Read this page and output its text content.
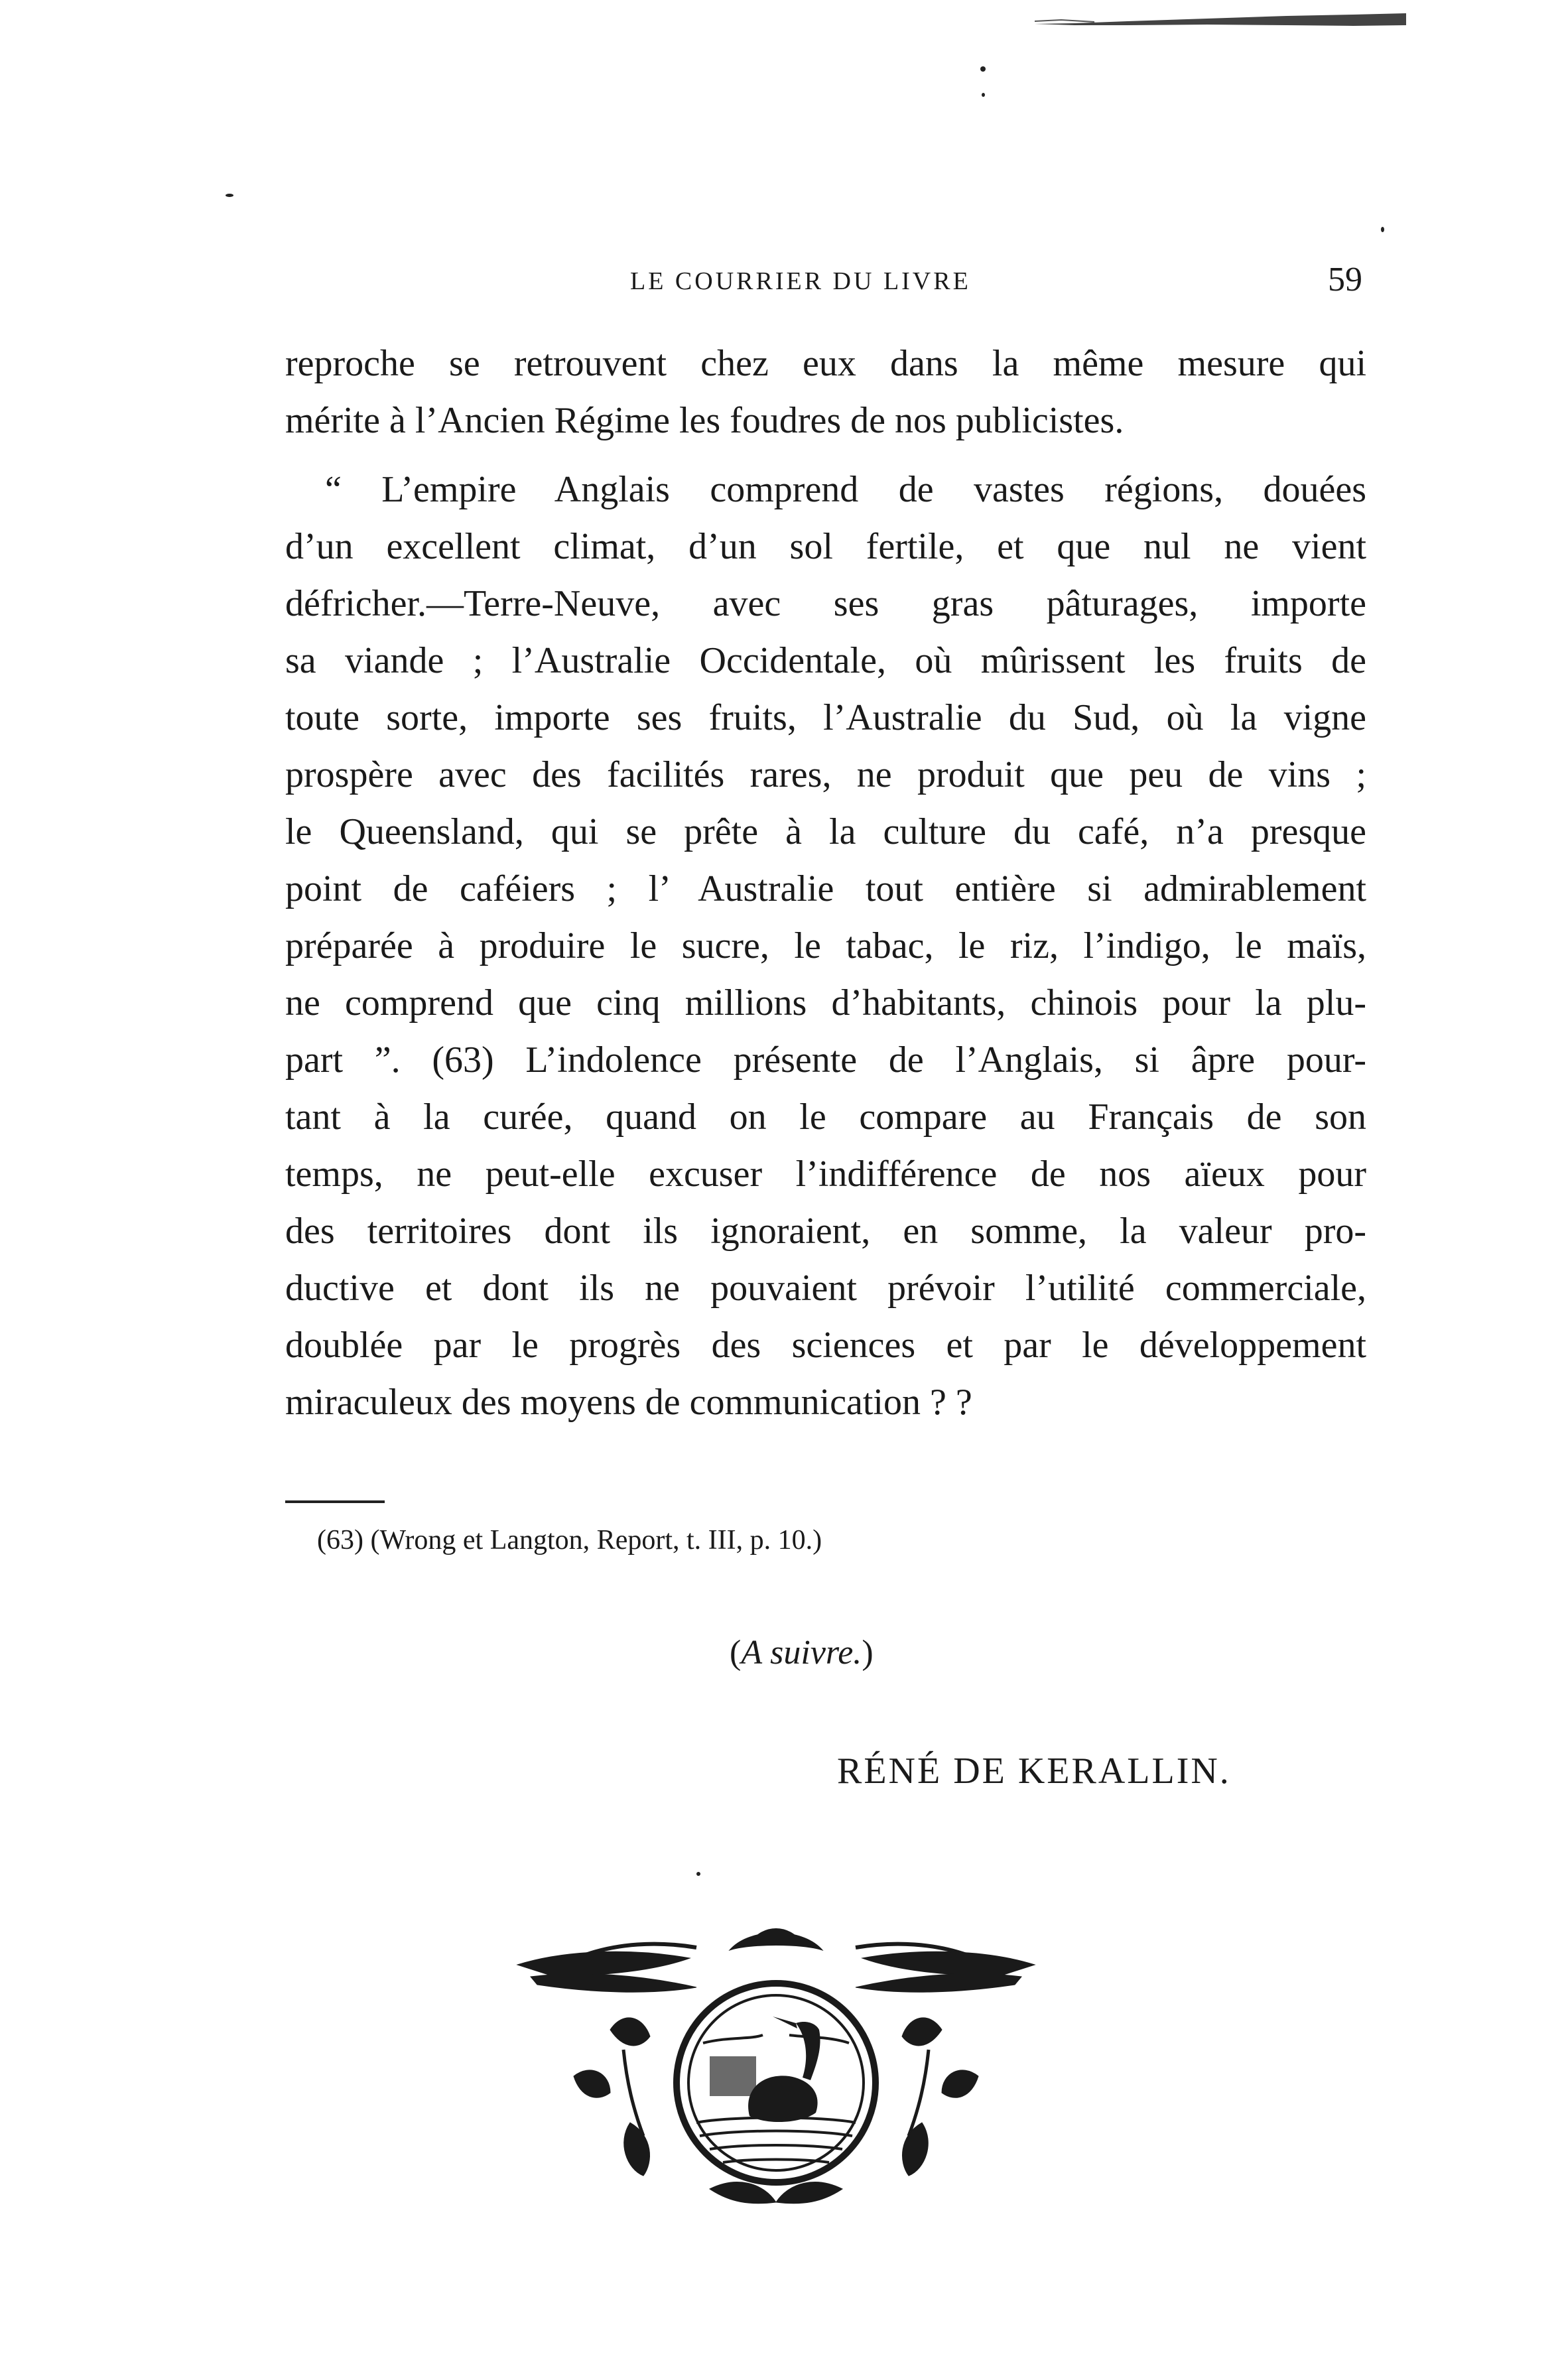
LE COURRIER DU LIVRE	59
reproche se retrouvent chez eux dans la même mesure qui
mérite à l’Ancien Régime les foudres de nos publicistes.
“ L’empire Anglais comprend de vastes régions, douées
d’un excellent climat, d’un sol fertile, et que nul ne vient
défricher.—Terre-Neuve, avec ses gras pâturages, importe
sa viande ; l’Australie Occidentale, où mûrissent les fruits de
toute sorte, importe ses fruits, l’Australie du Sud, où la vigne
prospère avec des facilités rares, ne produit que peu de vins ;
le Queensland, qui se prête à la culture du café, n’a presque
point de caféiers ; l’ Australie tout entière si admirablement
préparée à produire le sucre, le tabac, le riz, l’indigo, le maïs,
ne comprend que cinq millions d’habitants, chinois pour la plu-
part ”. (63) L’indolence présente de l’Anglais, si âpre pour-
tant à la curée, quand on le compare au Français de son
temps, ne peut-elle excuser l’indifférence de nos aïeux pour
des territoires dont ils ignoraient, en somme, la valeur pro-
ductive et dont ils ne pouvaient prévoir l’utilité commerciale,
doublée par le progrès des sciences et par le développement
miraculeux des moyens de communication ? ?
(63) (Wrong et Langton, Report, t. III, p. 10.)
(A suivre.)
RÉNÉ DE KERALLIN.
